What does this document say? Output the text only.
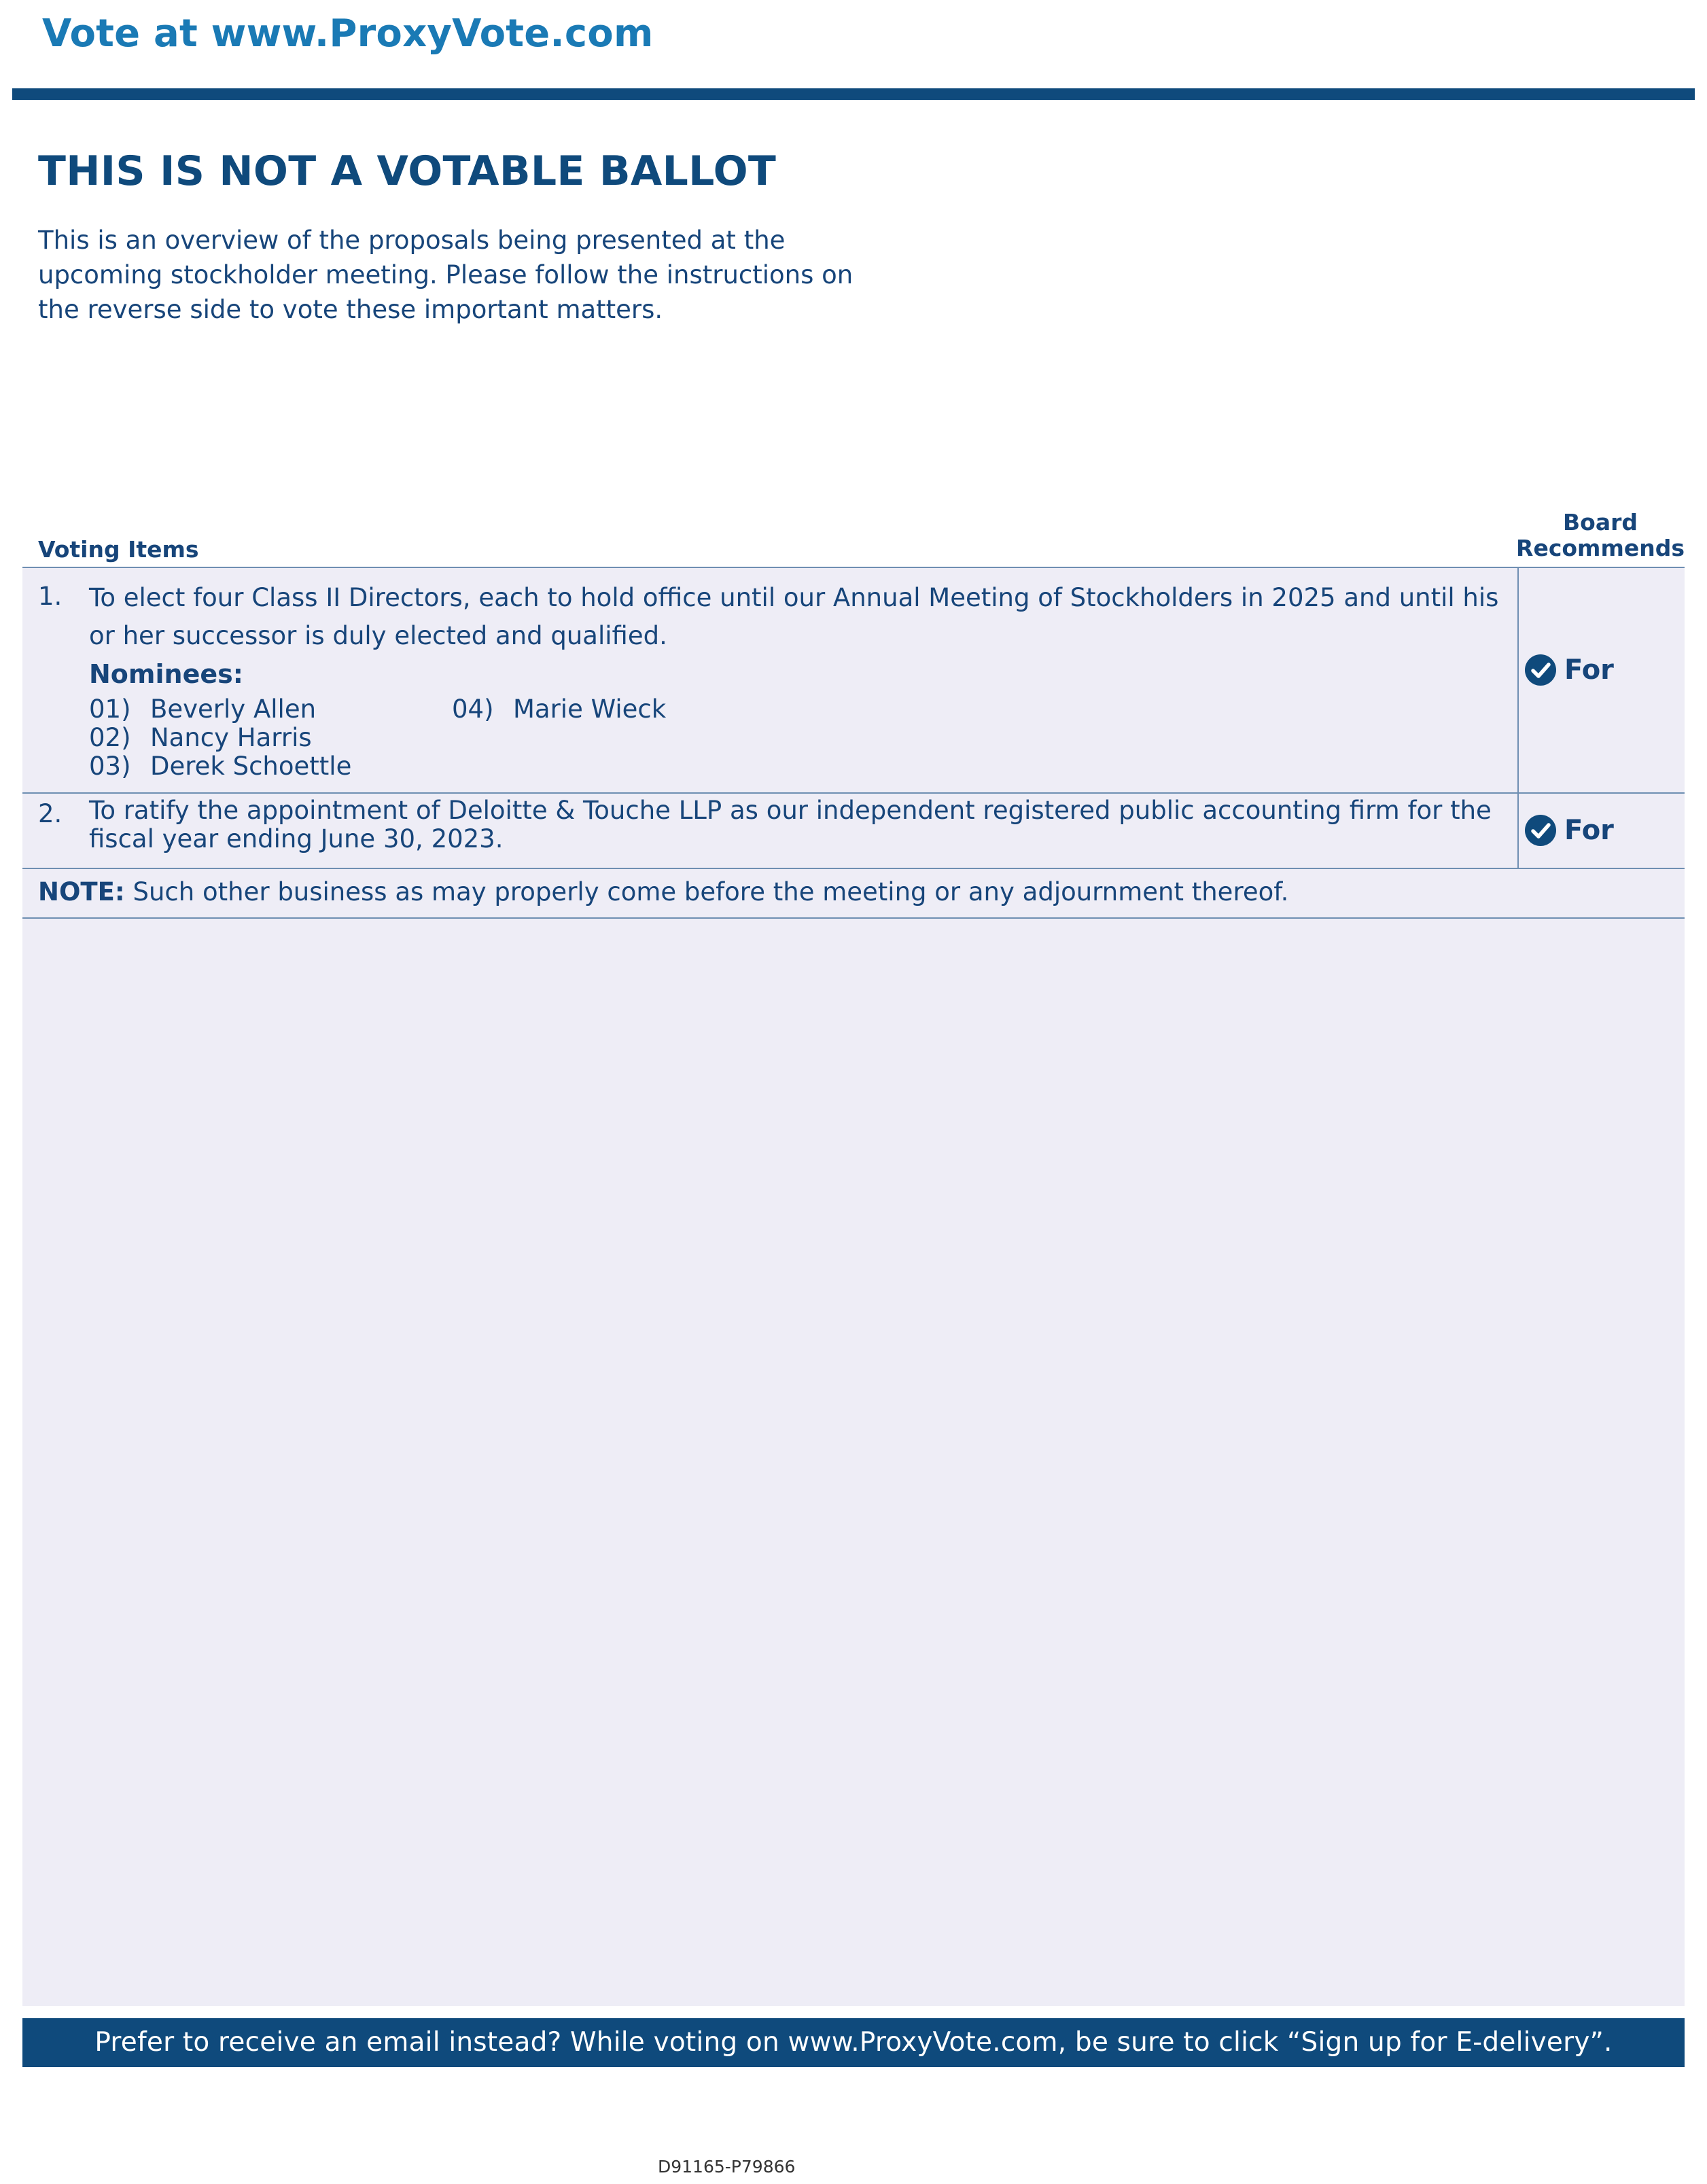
Vote at www.ProxyVote.com
THIS IS NOT A VOTABLE BALLOT

This is an overview of the proposals being presented at the upcoming stockholder meeting. Please follow the instructions on the reverse side to vote these important matters.

Voting Items
Board
Recommends
1. To elect four Class II Directors, each to hold office until our Annual Meeting of Stockholders in 2025 and until his or her successor is duly elected and qualified.
Nominees:
01) Beverly Allen
02) Nancy Harris
03) Derek Schoettle
04) Marie Wieck
For
2. To ratify the appointment of Deloitte & Touche LLP as our independent registered public accounting firm for the fiscal year ending June 30, 2023.	For
NOTE: Such other business as may properly come before the meeting or any adjournment thereof.
Prefer to receive an email instead? While voting on www.ProxyVote.com, be sure to click “Sign up for E-delivery”.
D91165-P79866
